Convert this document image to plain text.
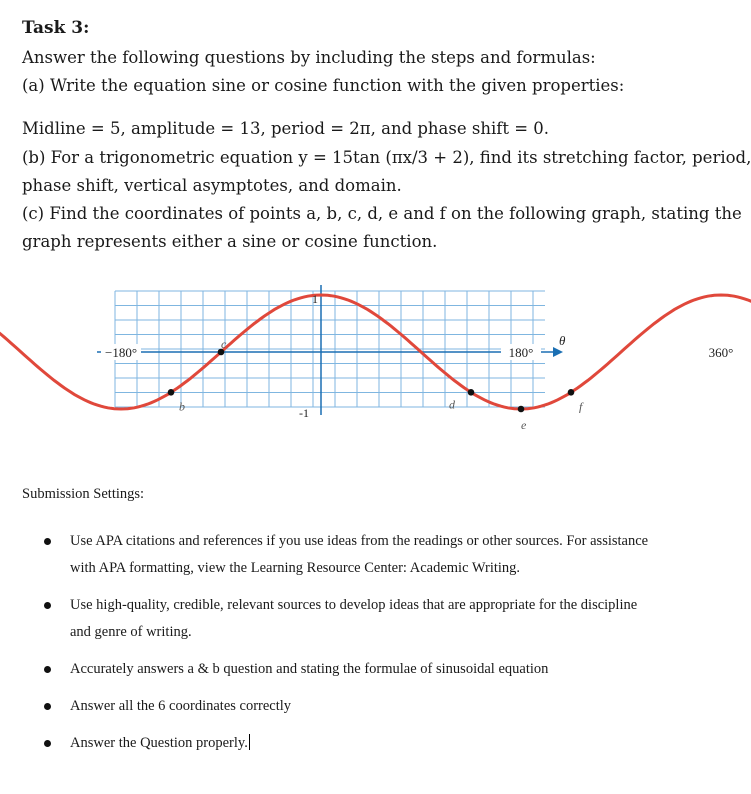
Task 3:
Answer the following questions by including the steps and formulas:
(a) Write the equation sine or cosine function with the given properties:
Midline = 5, amplitude = 13, period = 2π, and phase shift = 0.
(b) For a trigonometric equation y = 15tan (πx/3 + 2), find its stretching factor, period,
phase shift, vertical asymptotes, and domain.
(c) Find the coordinates of points a, b, c, d, e and f on the following graph, stating the
graph represents either a sine or cosine function.
−180°	180°	360°
1
-1
θ
b
c
d
e
f
Submission Settings:
Use APA citations and references if you use ideas from the readings or other sources. For assistance with APA formatting, view the Learning Resource Center: Academic Writing.
Use high-quality, credible, relevant sources to develop ideas that are appropriate for the discipline and genre of writing.
Accurately answers a & b question and stating the formulae of sinusoidal equation
Answer all the 6 coordinates correctly
Answer the Question properly.
